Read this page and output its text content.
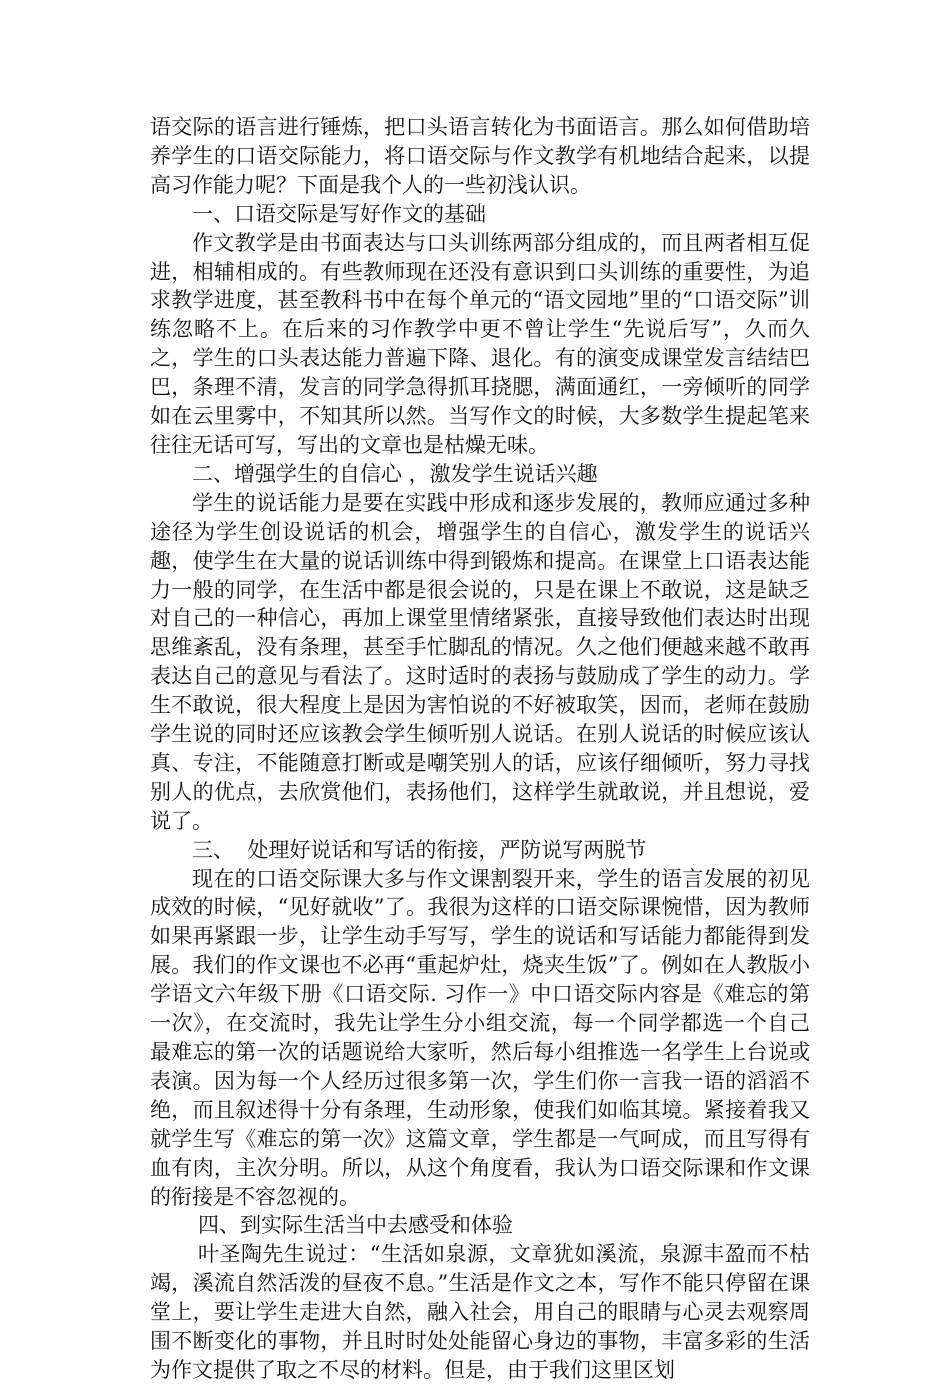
语交际的语言进行锤炼，把口头语言转化为书面语言。那么如何借助培养学生的口语交际能力，将口语交际与作文教学有机地结合起来，以提高习作能力呢？下面是我个人的一些初浅认识。

一、口语交际是写好作文的基础

作文教学是由书面表达与口头训练两部分组成的，而且两者相互促进，相辅相成的。有些教师现在还没有意识到口头训练的重要性，为追求教学进度，甚至教科书中在每个单元的“语文园地”里的“口语交际”训练忽略不上。在后来的习作教学中更不曾让学生“先说后写”，久而久之，学生的口头表达能力普遍下降、退化。有的演变成课堂发言结结巴巴，条理不清，发言的同学急得抓耳挠腮，满面通红，一旁倾听的同学如在云里雾中，不知其所以然。当写作文的时候，大多数学生提起笔来往往无话可写，写出的文章也是枯燥无味。

二、增强学生的自信心 ，激发学生说话兴趣

学生的说话能力是要在实践中形成和逐步发展的，教师应通过多种途径为学生创设说话的机会，增强学生的自信心，激发学生的说话兴趣，使学生在大量的说话训练中得到锻炼和提高。在课堂上口语表达能力一般的同学，在生活中都是很会说的，只是在课上不敢说，这是缺乏对自己的一种信心，再加上课堂里情绪紧张，直接导致他们表达时出现思维紊乱，没有条理，甚至手忙脚乱的情况。久之他们便越来越不敢再表达自己的意见与看法了。这时适时的表扬与鼓励成了学生的动力。学生不敢说，很大程度上是因为害怕说的不好被取笑，因而，老师在鼓励学生说的同时还应该教会学生倾听别人说话。在别人说话的时候应该认真、专注，不能随意打断或是嘲笑别人的话，应该仔细倾听，努力寻找别人的优点，去欣赏他们，表扬他们，这样学生就敢说，并且想说，爱说了。

三、  处理好说话和写话的衔接，严防说写两脱节

现在的口语交际课大多与作文课割裂开来，学生的语言发展的初见成效的时候，“见好就收”了。我很为这样的口语交际课惋惜，因为教师如果再紧跟一步，让学生动手写写，学生的说话和写话能力都能得到发展。我们的作文课也不必再“重起炉灶，烧夹生饭”了。例如在人教版小学语文六年级下册《口语交际. 习作一》中口语交际内容是《难忘的第一次》，在交流时，我先让学生分小组交流，每一个同学都选一个自己最难忘的第一次的话题说给大家听，然后每小组推选一名学生上台说或表演。因为每一个人经历过很多第一次，学生们你一言我一语的滔滔不绝，而且叙述得十分有条理，生动形象，使我们如临其境。紧接着我又就学生写《难忘的第一次》这篇文章，学生都是一气呵成，而且写得有血有肉，主次分明。所以，从这个角度看，我认为口语交际课和作文课的衔接是不容忽视的。

四、到实际生活当中去感受和体验

叶圣陶先生说过：“生活如泉源，文章犹如溪流，泉源丰盈而不枯竭，溪流自然活泼的昼夜不息。”生活是作文之本，写作不能只停留在课堂上，要让学生走进大自然，融入社会，用自己的眼睛与心灵去观察周围不断变化的事物，并且时时处处能留心身边的事物，丰富多彩的生活为作文提供了取之不尽的材料。但是，由于我们这里区划
